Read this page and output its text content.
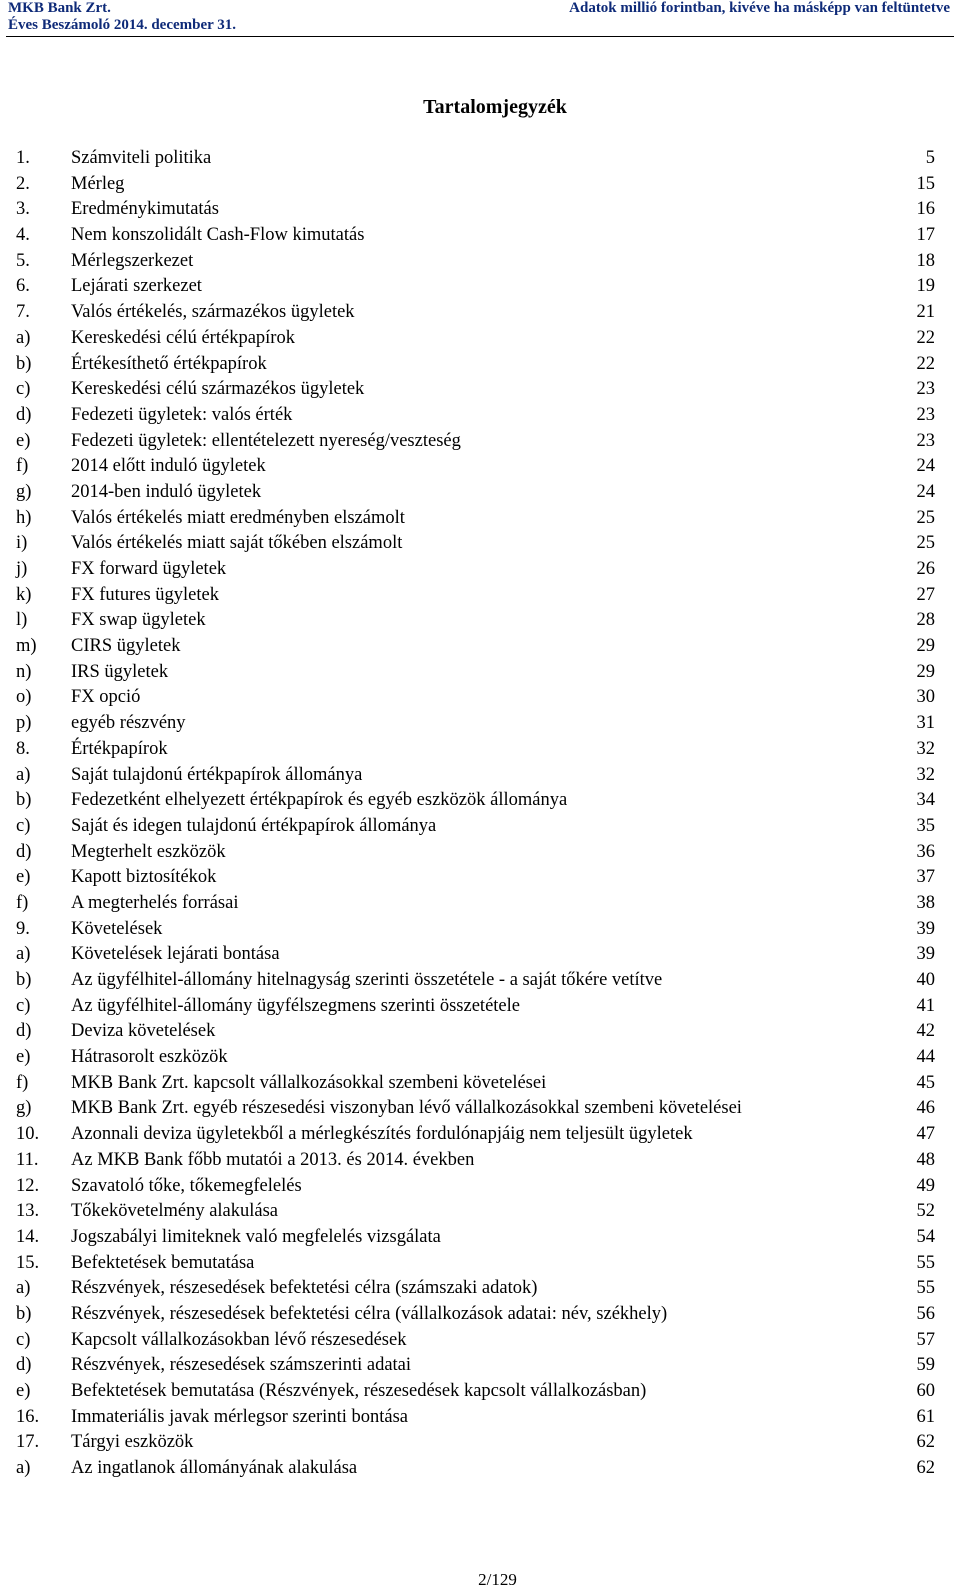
MKB Bank Zrt.
Éves Beszámoló 2014. december 31.
Adatok millió forintban, kivéve ha másképp van feltüntetve
Tartalomjegyzék
1. Számviteli politika	5
2. Mérleg	15
3. Eredménykimutatás	16
4. Nem konszolidált Cash-Flow kimutatás	17
5. Mérlegszerkezet	18
6. Lejárati szerkezet	19
7. Valós értékelés, származékos ügyletek	21
a) Kereskedési célú értékpapírok	22
b) Értékesíthető értékpapírok	22
c) Kereskedési célú származékos ügyletek	23
d) Fedezeti ügyletek: valós érték	23
e) Fedezeti ügyletek: ellentételezett nyereség/veszteség	23
f) 2014 előtt induló ügyletek	24
g) 2014-ben induló ügyletek	24
h) Valós értékelés miatt eredményben elszámolt	25
i) Valós értékelés miatt saját tőkében elszámolt	25
j) FX forward ügyletek	26
k) FX futures ügyletek	27
l) FX swap ügyletek	28
m) CIRS ügyletek	29
n) IRS ügyletek	29
o) FX opció	30
p) egyéb részvény	31
8. Értékpapírok	32
a) Saját tulajdonú értékpapírok állománya	32
b) Fedezetként elhelyezett értékpapírok és egyéb eszközök állománya	34
c) Saját és idegen tulajdonú értékpapírok állománya	35
d) Megterhelt eszközök	36
e) Kapott biztosítékok	37
f) A megterhelés forrásai	38
9. Követelések	39
a) Követelések lejárati bontása	39
b) Az ügyfélhitel-állomány hitelnagyság szerinti összetétele - a saját tőkére vetítve	40
c) Az ügyfélhitel-állomány ügyfélszegmens szerinti összetétele	41
d) Deviza követelések	42
e) Hátrasorolt eszközök	44
f) MKB Bank Zrt. kapcsolt vállalkozásokkal szembeni követelései	45
g) MKB Bank Zrt. egyéb részesedési viszonyban lévő vállalkozásokkal szembeni követelései	46
10. Azonnali deviza ügyletekből a mérlegkészítés fordulónapjáig nem teljesült ügyletek	47
11. Az MKB Bank főbb mutatói a 2013. és 2014. években	48
12. Szavatoló tőke, tőkemegfelelés	49
13. Tőkekövetelmény alakulása	52
14. Jogszabályi limiteknek való megfelelés vizsgálata	54
15. Befektetések bemutatása	55
a) Részvények, részesedések befektetési célra (számszaki adatok)	55
b) Részvények, részesedések befektetési célra (vállalkozások adatai: név, székhely)	56
c) Kapcsolt vállalkozásokban lévő részesedések	57
d) Részvények, részesedések számszerinti adatai	59
e) Befektetések bemutatása (Részvények, részesedések kapcsolt vállalkozásban)	60
16. Immateriális javak mérlegsor szerinti bontása	61
17. Tárgyi eszközök	62
a) Az ingatlanok állományának alakulása	62
2/129
